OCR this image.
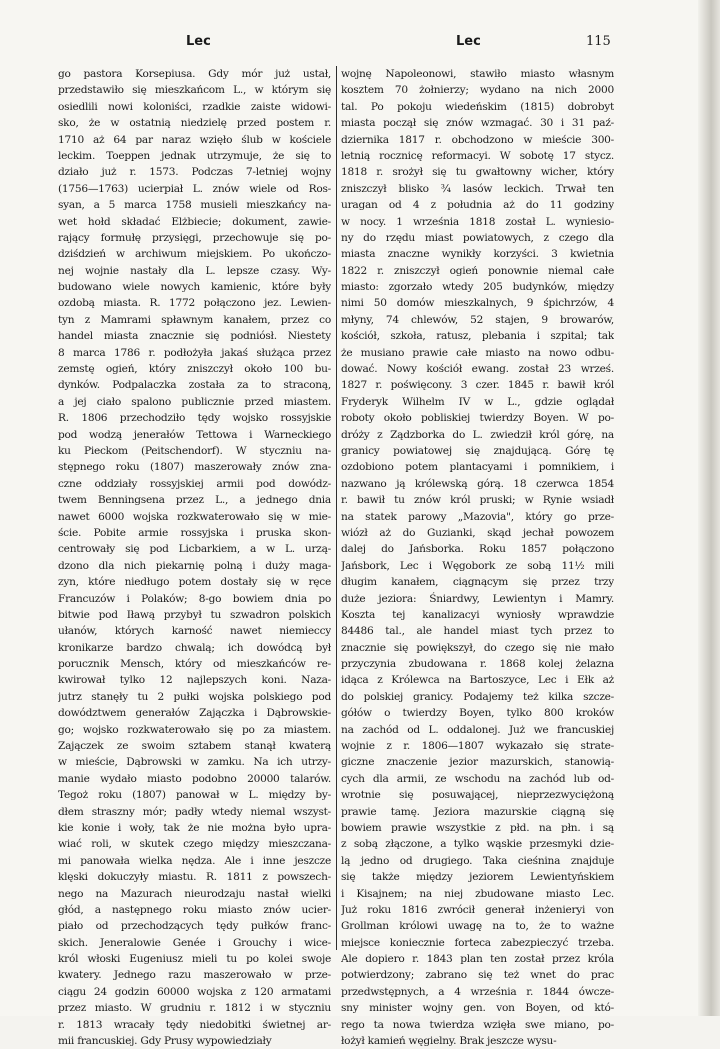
Lec	Lec	115
go pastora Korsepiusa. Gdy mór już ustał,
przedstawiło się mieszkańcom L., w którym się
osiedlili nowi koloniści, rzadkie zaiste widowi-
sko, że w ostatnią niedzielę przed postem r.
1710 aż 64 par naraz wzięło ślub w kościele
leckim. Toeppen jednak utrzymuje, że się to
działo już r. 1573. Podczas 7-letniej wojny
(1756—1763) ucierpiał L. znów wiele od Ros-
syan, a 5 marca 1758 musieli mieszkańcy na-
wet hołd składać Elżbiecie; dokument, zawie-
rający formułę przysięgi, przechowuje się po-
dziśdzień w archiwum miejskiem. Po ukończo-
nej wojnie nastały dla L. lepsze czasy. Wy-
budowano wiele nowych kamienic, które były
ozdobą miasta. R. 1772 połączono jez. Lewien-
tyn z Mamrami spławnym kanałem, przez co
handel miasta znacznie się podniósł. Niestety
8 marca 1786 r. podłożyła jakaś służąca przez
zemstę ogień, który zniszczył około 100 bu-
dynków. Podpalaczka została za to straconą,
a jej ciało spalono publicznie przed miastem.
R. 1806 przechodziło tędy wojsko rossyjskie
pod wodzą jenerałów Tettowa i Warneckiego
ku Pieckom (Peitschendorf). W styczniu na-
stępnego roku (1807) maszerowały znów zna-
czne oddziały rossyjskiej armii pod dowódz-
twem Benningsena przez L., a jednego dnia
nawet 6000 wojska rozkwaterowało się w mie-
ście. Pobite armie rossyjska i pruska skon-
centrowały się pod Licbarkiem, a w L. urzą-
dzono dla nich piekarnię polną i duży maga-
zyn, które niedługo potem dostały się w ręce
Francuzów i Polaków; 8-go bowiem dnia po
bitwie pod Iławą przybył tu szwadron polskich
ułanów, których karność nawet niemieccy
kronikarze bardzo chwalą; ich dowódcą był
porucznik Mensch, który od mieszkańców re-
kwirował tylko 12 najlepszych koni. Naza-
jutrz stanęły tu 2 pułki wojska polskiego pod
dowództwem generałów Zajączka i Dąbrowskie-
go; wojsko rozkwaterowało się po za miastem.
Zajączek ze swoim sztabem stanął kwaterą
w mieście, Dąbrowski w zamku. Na ich utrzy-
manie wydało miasto podobno 20000 talarów.
Tegoż roku (1807) panował w L. między by-
dłem straszny mór; padły wtedy niemal wszyst-
kie konie i woły, tak że nie można było upra-
wiać roli, w skutek czego między mieszczana-
mi panowała wielka nędza. Ale i inne jeszcze
klęski dokuczyły miastu. R. 1811 z powszech-
nego na Mazurach nieurodzaju nastał wielki
głód, a następnego roku miasto znów ucier-
piało od przechodzących tędy pułków franc-
skich. Jeneralowie Genée i Grouchy i wice-
król włoski Eugeniusz mieli tu po kolei swoje
kwatery. Jednego razu maszerowało w prze-
ciągu 24 godzin 60000 wojska z 120 armatami
przez miasto. W grudniu r. 1812 i w styczniu
r. 1813 wracały tędy niedobitki świetnej ar-
mii francuskiej. Gdy Prusy wypowiedziały
wojnę Napoleonowi, stawiło miasto własnym
kosztem 70 żołnierzy; wydano na nich 2000
tal. Po pokoju wiedeńskim (1815) dobrobyt
miasta począł się znów wzmagać. 30 i 31 paź-
dziernika 1817 r. obchodzono w mieście 300-
letnią rocznicę reformacyi. W sobotę 17 stycz.
1818 r. srożył się tu gwałtowny wicher, który
zniszczył blisko ¾ lasów leckich. Trwał ten
uragan od 4 z południa aż do 11 godziny
w nocy. 1 września 1818 został L. wyniesio-
ny do rzędu miast powiatowych, z czego dla
miasta znaczne wynikły korzyści. 3 kwietnia
1822 r. zniszczył ogień ponownie niemal całe
miasto: zgorzało wtedy 205 budynków, między
nimi 50 domów mieszkalnych, 9 śpichrzów, 4
młyny, 74 chlewów, 52 stajen, 9 browarów,
kościół, szkoła, ratusz, plebania i szpital; tak
że musiano prawie całe miasto na nowo odbu-
dować. Nowy kościół ewang. został 23 wrześ.
1827 r. poświęcony. 3 czer. 1845 r. bawił król
Fryderyk Wilhelm IV w L., gdzie oglądał
roboty około pobliskiej twierdzy Boyen. W po-
dróży z Ządzborka do L. zwiedził król górę, na
granicy powiatowej się znajdującą. Górę tę
ozdobiono potem plantacyami i pomnikiem, i
nazwano ją królewską górą. 18 czerwca 1854
r. bawił tu znów król pruski; w Rynie wsiadł
na statek parowy „Mazovia", który go prze-
wiózł aż do Guzianki, skąd jechał powozem
dalej do Jańsborka. Roku 1857 połączono
Jańsbork, Lec i Węgobork ze sobą 11½ mili
długim kanałem, ciągnącym się przez trzy
duże jeziora: Śniardwy, Lewientyn i Mamry.
Koszta tej kanalizacyi wyniosły wprawdzie
84486 tal., ale handel miast tych przez to
znacznie się powiększył, do czego się nie mało
przyczynia zbudowana r. 1868 kolej żelazna
idąca z Królewca na Bartoszyce, Lec i Ełk aż
do polskiej granicy. Podajemy też kilka szcze-
gółów o twierdzy Boyen, tylko 800 kroków
na zachód od L. oddalonej. Już we francuskiej
wojnie z r. 1806—1807 wykazało się strate-
giczne znaczenie jezior mazurskich, stanowią-
cych dla armii, ze wschodu na zachód lub od-
wrotnie się posuwającej, nieprzezwyciężoną
prawie tamę. Jeziora mazurskie ciągną się
bowiem prawie wszystkie z płd. na płn. i są
z sobą złączone, a tylko wąskie przesmyki dzie-
lą jedno od drugiego. Taka cieśnina znajduje
się także między jeziorem Lewientyńskiem
i Kisajnem; na niej zbudowane miasto Lec.
Już roku 1816 zwrócił generał inżenieryi von
Grollman królowi uwagę na to, że to ważne
miejsce koniecznie forteca zabezpieczyć trzeba.
Ale dopiero r. 1843 plan ten został przez króla
potwierdzony; zabrano się też wnet do prac
przedwstępnych, a 4 września r. 1844 ówcze-
sny minister wojny gen. von Boyen, od któ-
rego ta nowa twierdza wzięła swe miano, po-
łożył kamień węgielny. Brak jeszcze wysu-
